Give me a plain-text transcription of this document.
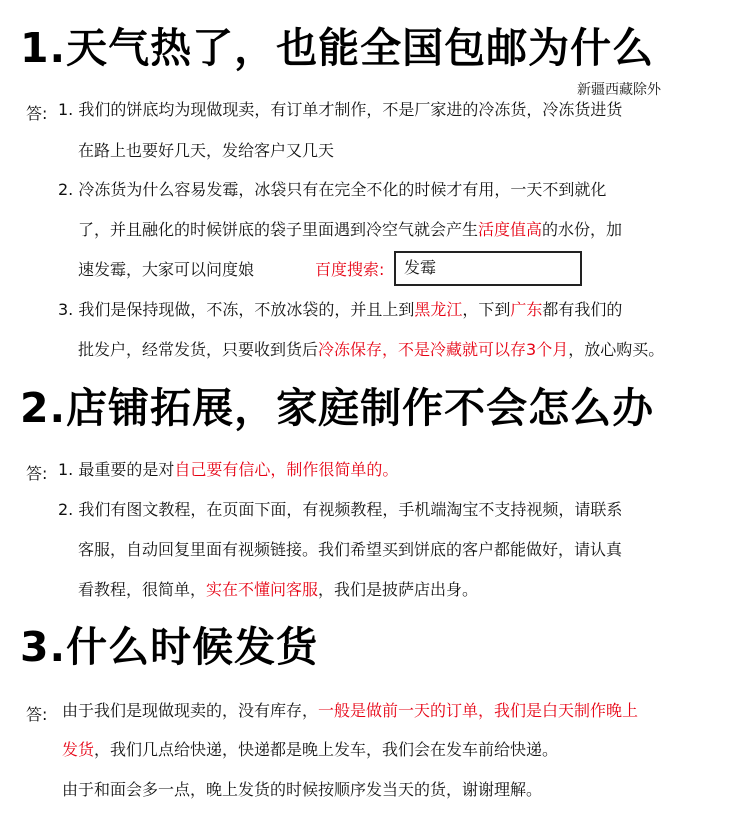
1.天气热了，也能全国包邮为什么
新疆西藏除外
答: 1. 我们的饼底均为现做现卖，有订单才制作，不是厂家进的冷冻货，冷冻货进货
在路上也要好几天，发给客户又几天
2. 冷冻货为什么容易发霉，冰袋只有在完全不化的时候才有用，一天不到就化
了，并且融化的时候饼底的袋子里面遇到冷空气就会产生活度值高的水份，加
速发霉，大家可以问度娘	百度搜索:	发霉
3. 我们是保持现做，不冻，不放冰袋的，并且上到黑龙江，下到广东都有我们的
批发户，经常发货，只要收到货后冷冻保存，不是冷藏就可以存3个月，放心购买。
2.店铺拓展，家庭制作不会怎么办
答: 1. 最重要的是对自己要有信心，制作很简单的。
2. 我们有图文教程，在页面下面，有视频教程，手机端淘宝不支持视频，请联系
客服，自动回复里面有视频链接。我们希望买到饼底的客户都能做好，请认真
看教程，很简单，实在不懂问客服，我们是披萨店出身。
3.什么时候发货
答: 由于我们是现做现卖的，没有库存，一般是做前一天的订单，我们是白天制作晚上
发货，我们几点给快递，快递都是晚上发车，我们会在发车前给快递。
由于和面会多一点，晚上发货的时候按顺序发当天的货，谢谢理解。
